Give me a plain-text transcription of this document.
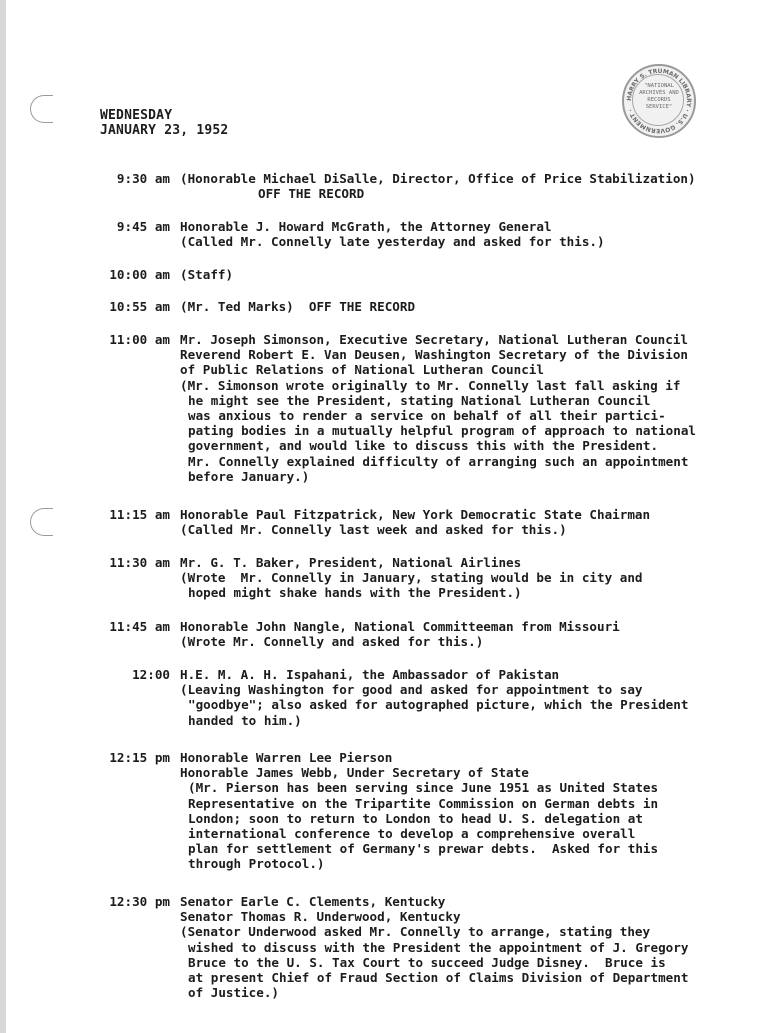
HARRY S. TRUMAN LIBRARY · U.S. GOVERNMENT ·
"NATIONAL ARCHIVES AND RECORDS SERVICE"
WEDNESDAY
JANUARY 23, 1952
9:30 am (Honorable Michael DiSalle, Director, Office of Price Stabilization)
OFF THE RECORD
9:45 am Honorable J. Howard McGrath, the Attorney General
(Called Mr. Connelly late yesterday and asked for this.)
10:00 am (Staff)
10:55 am (Mr. Ted Marks)  OFF THE RECORD
11:00 am Mr. Joseph Simonson, Executive Secretary, National Lutheran Council
Reverend Robert E. Van Deusen, Washington Secretary of the Division
of Public Relations of National Lutheran Council
(Mr. Simonson wrote originally to Mr. Connelly last fall asking if
he might see the President, stating National Lutheran Council
was anxious to render a service on behalf of all their partici-
pating bodies in a mutually helpful program of approach to national
government, and would like to discuss this with the President.
Mr. Connelly explained difficulty of arranging such an appointment
before January.)
11:15 am Honorable Paul Fitzpatrick, New York Democratic State Chairman
(Called Mr. Connelly last week and asked for this.)
11:30 am Mr. G. T. Baker, President, National Airlines
(Wrote  Mr. Connelly in January, stating would be in city and
hoped might shake hands with the President.)
11:45 am Honorable John Nangle, National Committeeman from Missouri
(Wrote Mr. Connelly and asked for this.)
12:00 H.E. M. A. H. Ispahani, the Ambassador of Pakistan
(Leaving Washington for good and asked for appointment to say
"goodbye"; also asked for autographed picture, which the President
handed to him.)
12:15 pm Honorable Warren Lee Pierson
Honorable James Webb, Under Secretary of State
(Mr. Pierson has been serving since June 1951 as United States
Representative on the Tripartite Commission on German debts in
London; soon to return to London to head U. S. delegation at
international conference to develop a comprehensive overall
plan for settlement of Germany's prewar debts.  Asked for this
through Protocol.)
12:30 pm Senator Earle C. Clements, Kentucky
Senator Thomas R. Underwood, Kentucky
(Senator Underwood asked Mr. Connelly to arrange, stating they
wished to discuss with the President the appointment of J. Gregory
Bruce to the U. S. Tax Court to succeed Judge Disney.  Bruce is
at present Chief of Fraud Section of Claims Division of Department
of Justice.)
